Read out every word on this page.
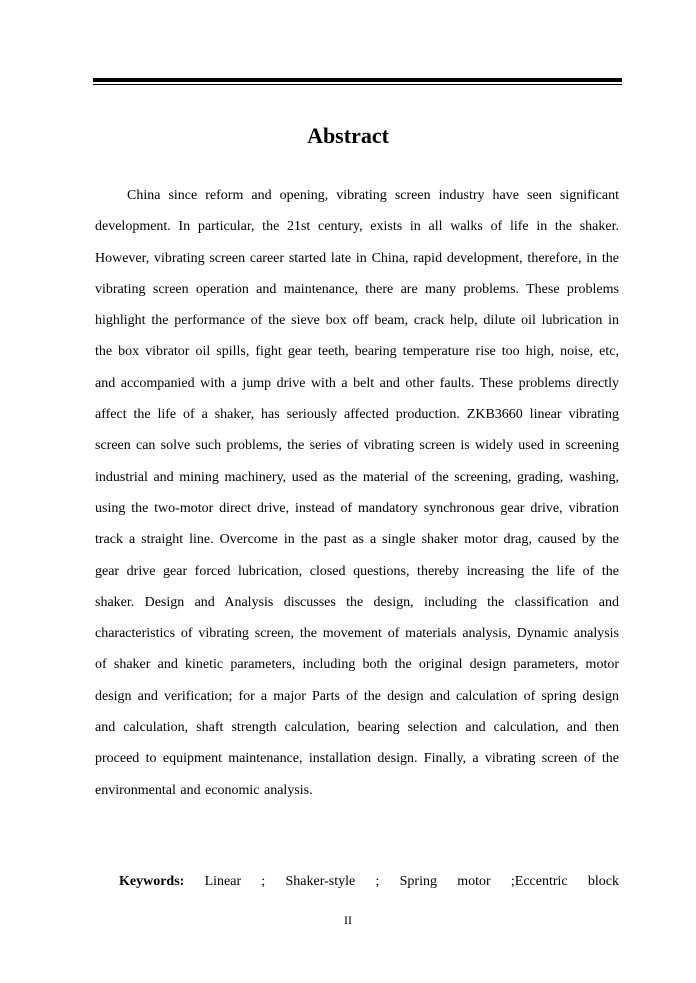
Abstract

China since reform and opening, vibrating screen industry have seen significant development. In particular, the 21st century, exists in all walks of life in the shaker. However, vibrating screen career started late in China, rapid development, therefore, in the vibrating screen operation and maintenance, there are many problems. These problems highlight the performance of the sieve box off beam, crack help, dilute oil lubrication in the box vibrator oil spills, fight gear teeth, bearing temperature rise too high, noise, etc, and accompanied with a jump drive with a belt and other faults. These problems directly affect the life of a shaker, has seriously affected production. ZKB3660 linear vibrating screen can solve such problems, the series of vibrating screen is widely used in screening industrial and mining machinery, used as the material of the screening, grading, washing, using the two-motor direct drive, instead of mandatory synchronous gear drive, vibration track a straight line. Overcome in the past as a single shaker motor drag, caused by the gear drive gear forced lubrication, closed questions, thereby increasing the life of the shaker. Design and Analysis discusses the design, including the classification and characteristics of vibrating screen, the movement of materials analysis, Dynamic analysis of shaker and kinetic parameters, including both the original design parameters, motor design and verification; for a major Parts of the design and calculation of spring design and calculation, shaft strength calculation, bearing selection and calculation, and then proceed to equipment maintenance, installation design. Finally, a vibrating screen of the environmental and economic analysis.

Keywords: Linear ; Shaker-style ; Spring motor ;Eccentric block

II
